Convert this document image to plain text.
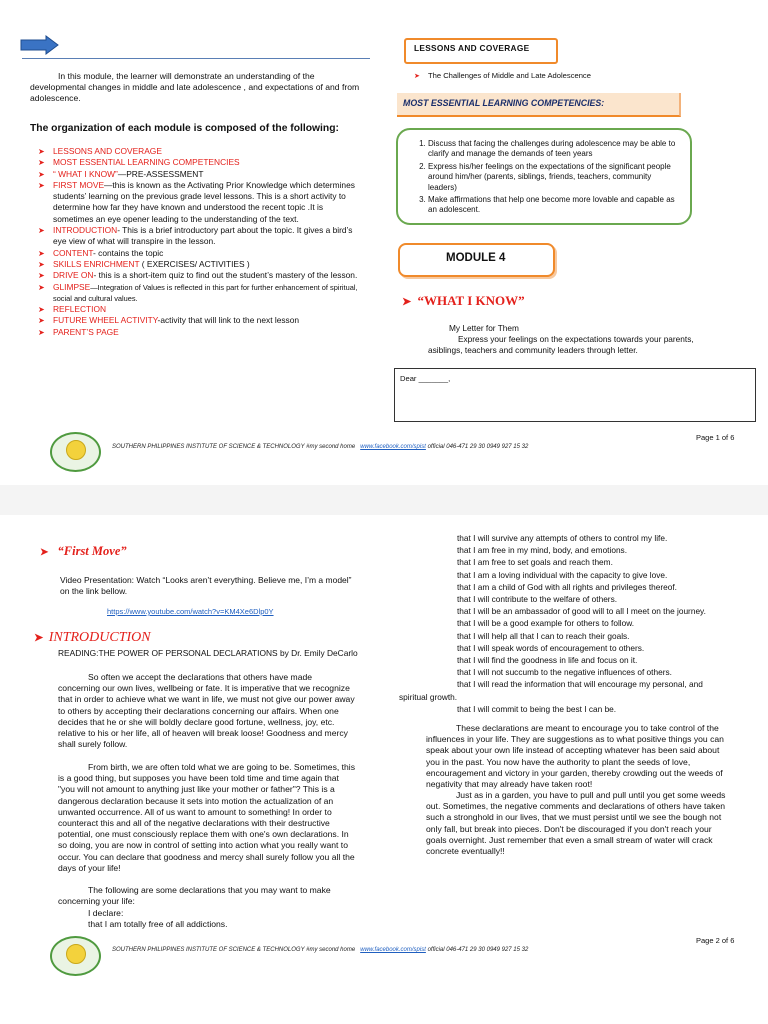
In this module, the learner will demonstrate an understanding of the developmental changes in middle and late adolescence , and expectations of and from adolescence.
The organization of each module is composed of the following:
➤ LESSONS AND COVERAGE
➤ MOST ESSENTIAL LEARNING COMPETENCIES
➤ “ WHAT I KNOW”—PRE-ASSESSMENT
➤ FIRST MOVE—this is known as the Activating Prior Knowledge which determines students’ learning on the previous grade level lessons. This is a short activity to determine how far they have known and understood the recent topic .It is sometimes an eye opener leading to the understanding of the text.
➤ INTRODUCTION- This is a brief introductory part about the topic. It gives a bird’s eye view of what will transpire in the lesson.
➤ CONTENT- contains the topic
➤ SKILLS ENRICHMENT ( EXERCISES/ ACTIVITIES )
➤ DRIVE ON- this is a short-item quiz to find out the student’s mastery of the lesson.
➤ GLIMPSE—Integration of Values is reflected in this part for further enhancement of spiritual, social and cultural values.
➤ REFLECTION
➤ FUTURE WHEEL ACTIVITY-activity that will link to the next lesson
➤ PARENT’S PAGE
LESSONS AND COVERAGE
➤ The Challenges of Middle and Late Adolescence
MOST ESSENTIAL LEARNING COMPETENCIES:
1. Discuss that facing the challenges during adolescence may be able to clarify and manage the demands of teen years
2. Express his/her feelings on the expectations of the significant people around him/her (parents, siblings, friends, teachers, community leaders)
3. Make affirmations that help one become more lovable and capable as an adolescent.
MODULE 4
➤ “WHAT I KNOW”
My Letter for Them
Express your feelings on the expectations towards your parents, asiblings, teachers and community leaders through letter.
Dear _______,
Page 1 of 6
SOUTHERN PHILIPPINES INSTITUTE OF SCIENCE & TECHNOLOGY #my second home www.facebook.com/spist official 046-471 29 30 0949 927 15 32
➤ “First Move”
Video Presentation: Watch “Looks aren’t everything. Believe me, I’m a model” on the link bellow.
https://www.youtube.com/watch?v=KM4Xe6Dlp0Y
➤ INTRODUCTION
READING:THE POWER OF PERSONAL DECLARATIONS by Dr. Emily DeCarlo
So often we accept the declarations that others have made concerning our own lives, wellbeing or fate. It is imperative that we recognize that in order to achieve what we want in life, we must not give our power away to others by accepting their declarations concerning our affairs. When one decides that he or she will boldly declare good fortune, wellness, joy, etc. relative to his or her life, all of heaven will break loose! Goodness and mercy shall surely follow.
From birth, we are often told what we are going to be. Sometimes, this is a good thing, but supposes you have been told time and time again that "you will not amount to anything just like your mother or father"? This is a dangerous declaration because it sets into motion the actualization of an unwanted occurrence. All of us want to amount to something! In order to counteract this and all of the negative declarations with their destructive potential, one must consciously replace them with one's own declarations. In so doing, you are now in control of setting into action what you really want to occur. You can declare that goodness and mercy shall surely follow you all the days of your life!
The following are some declarations that you may want to make concerning your life:
I declare:
that I am totally free of all addictions.
that I will survive any attempts of others to control my life.
that I am free in my mind, body, and emotions.
that I am free to set goals and reach them.
that I am a loving individual with the capacity to give love.
that I am a child of God with all rights and privileges thereof.
that I will contribute to the welfare of others.
that I will be an ambassador of good will to all I meet on the journey.
that I will be a good example for others to follow.
that I will help all that I can to reach their goals.
that I will speak words of encouragement to others.
that I will find the goodness in life and focus on it.
that I will not succumb to the negative influences of others.
that I will read the information that will encourage my personal, and
spiritual growth.
that I will commit to being the best I can be.
These declarations are meant to encourage you to take control of the influences in your life. They are suggestions as to what positive things you can speak about your own life instead of accepting whatever has been said about you in the past. You now have the authority to plant the seeds of love, encouragement and victory in your garden, thereby crowding out the weeds of negativity that may already have taken root!
Just as in a garden, you have to pull and pull until you get some weeds out. Sometimes, the negative comments and declarations of others have taken such a stronghold in our lives, that we must persist until we see the bough not only fall, but break into pieces. Don't be discouraged if you don't reach your goals overnight. Just remember that even a small stream of water will crack concrete eventually!!
Page 2 of 6
SOUTHERN PHILIPPINES INSTITUTE OF SCIENCE & TECHNOLOGY #my second home www.facebook.com/spist official 046-471 29 30 0949 927 15 32
